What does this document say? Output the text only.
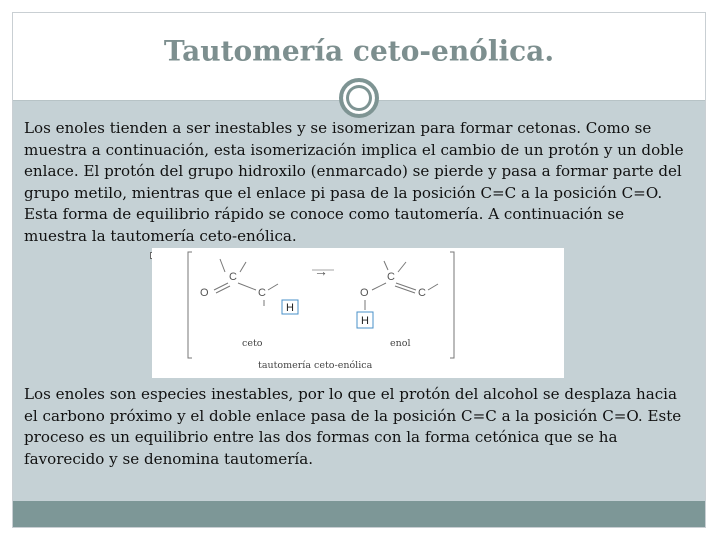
Tautomería ceto-enólica.

Los enoles tienden a ser inestables y se isomerizan para formar cetonas. Como se muestra a continuación, esta isomerización implica el cambio de un protón y un doble enlace. El protón del grupo hidroxilo (enmarcado) se pierde y pasa a formar parte del grupo metilo, mientras que el enlace pi pasa de la posición C=C a la posición C=O. Esta forma de equilibrio rápido se conoce como tautomería. A continuación se muestra la tautomería ceto-enólica.

C
O	C
H
→	C
O	C
H
ceto	enol
tautomería ceto-enólica

Los enoles son especies inestables, por lo que el protón del alcohol se desplaza hacia el carbono próximo y el doble enlace pasa de la posición C=C a la posición C=O. Este proceso es un equilibrio entre las dos formas con la forma cetónica que se ha favorecido y se denomina tautomería.
